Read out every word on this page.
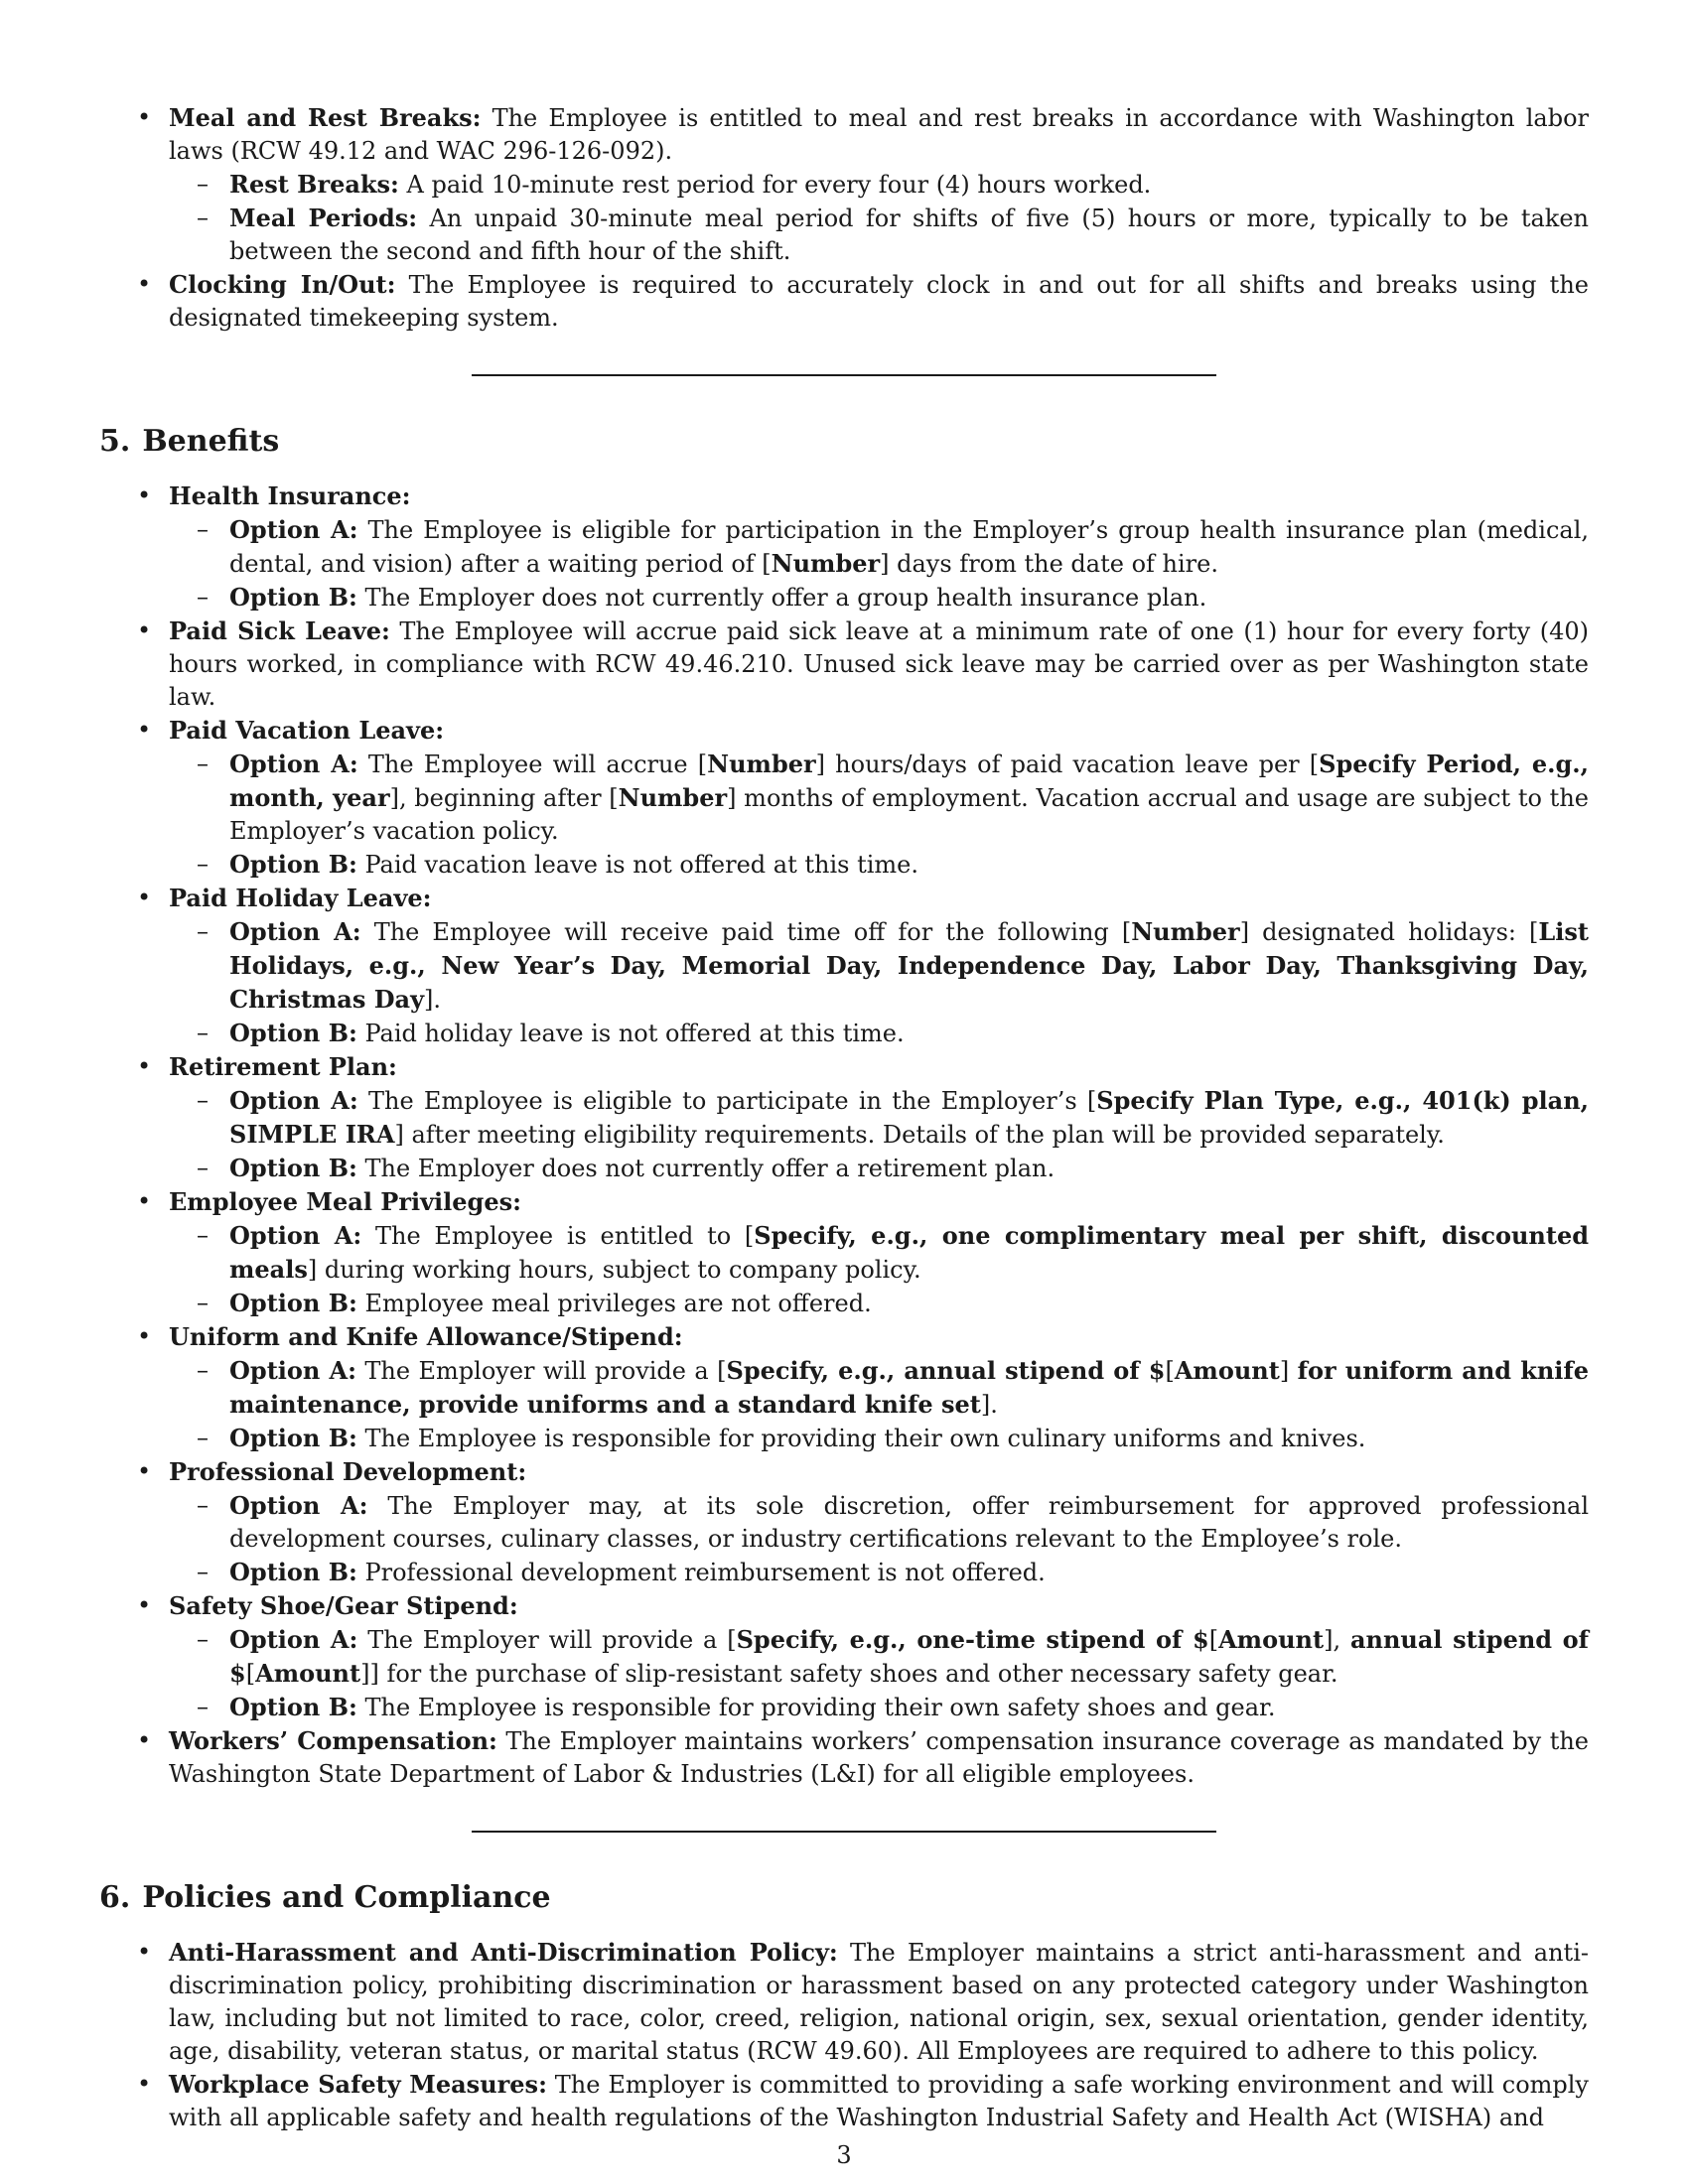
• Meal and Rest Breaks: The Employee is entitled to meal and rest breaks in accordance with Washington labor laws (RCW 49.12 and WAC 296-126-092).
– Rest Breaks: A paid 10-minute rest period for every four (4) hours worked.
– Meal Periods: An unpaid 30-minute meal period for shifts of five (5) hours or more, typically to be taken between the second and fifth hour of the shift.
• Clocking In/Out: The Employee is required to accurately clock in and out for all shifts and breaks using the designated timekeeping system.
5. Benefits
• Health Insurance:
– Option A: The Employee is eligible for participation in the Employer’s group health insurance plan (medical, dental, and vision) after a waiting period of [Number] days from the date of hire.
– Option B: The Employer does not currently offer a group health insurance plan.
• Paid Sick Leave: The Employee will accrue paid sick leave at a minimum rate of one (1) hour for every forty (40) hours worked, in compliance with RCW 49.46.210. Unused sick leave may be carried over as per Washington state law.
• Paid Vacation Leave:
– Option A: The Employee will accrue [Number] hours/days of paid vacation leave per [Specify Period, e.g., month, year], beginning after [Number] months of employment. Vacation accrual and usage are subject to the Employer’s vacation policy.
– Option B: Paid vacation leave is not offered at this time.
• Paid Holiday Leave:
– Option A: The Employee will receive paid time off for the following [Number] designated holidays: [List Holidays, e.g., New Year’s Day, Memorial Day, Independence Day, Labor Day, Thanksgiving Day, Christmas Day].
– Option B: Paid holiday leave is not offered at this time.
• Retirement Plan:
– Option A: The Employee is eligible to participate in the Employer’s [Specify Plan Type, e.g., 401(k) plan, SIMPLE IRA] after meeting eligibility requirements. Details of the plan will be provided separately.
– Option B: The Employer does not currently offer a retirement plan.
• Employee Meal Privileges:
– Option A: The Employee is entitled to [Specify, e.g., one complimentary meal per shift, discounted meals] during working hours, subject to company policy.
– Option B: Employee meal privileges are not offered.
• Uniform and Knife Allowance/Stipend:
– Option A: The Employer will provide a [Specify, e.g., annual stipend of $[Amount] for uniform and knife maintenance, provide uniforms and a standard knife set].
– Option B: The Employee is responsible for providing their own culinary uniforms and knives.
• Professional Development:
– Option A: The Employer may, at its sole discretion, offer reimbursement for approved professional development courses, culinary classes, or industry certifications relevant to the Employee’s role.
– Option B: Professional development reimbursement is not offered.
• Safety Shoe/Gear Stipend:
– Option A: The Employer will provide a [Specify, e.g., one-time stipend of $[Amount], annual stipend of $[Amount]] for the purchase of slip-resistant safety shoes and other necessary safety gear.
– Option B: The Employee is responsible for providing their own safety shoes and gear.
• Workers’ Compensation: The Employer maintains workers’ compensation insurance coverage as mandated by the Washington State Department of Labor & Industries (L&I) for all eligible employees.
6. Policies and Compliance
• Anti-Harassment and Anti-Discrimination Policy: The Employer maintains a strict anti-harassment and anti-discrimination policy, prohibiting discrimination or harassment based on any protected category under Washington law, including but not limited to race, color, creed, religion, national origin, sex, sexual orientation, gender identity, age, disability, veteran status, or marital status (RCW 49.60). All Employees are required to adhere to this policy.
• Workplace Safety Measures: The Employer is committed to providing a safe working environment and will comply with all applicable safety and health regulations of the Washington Industrial Safety and Health Act (WISHA) and
3
